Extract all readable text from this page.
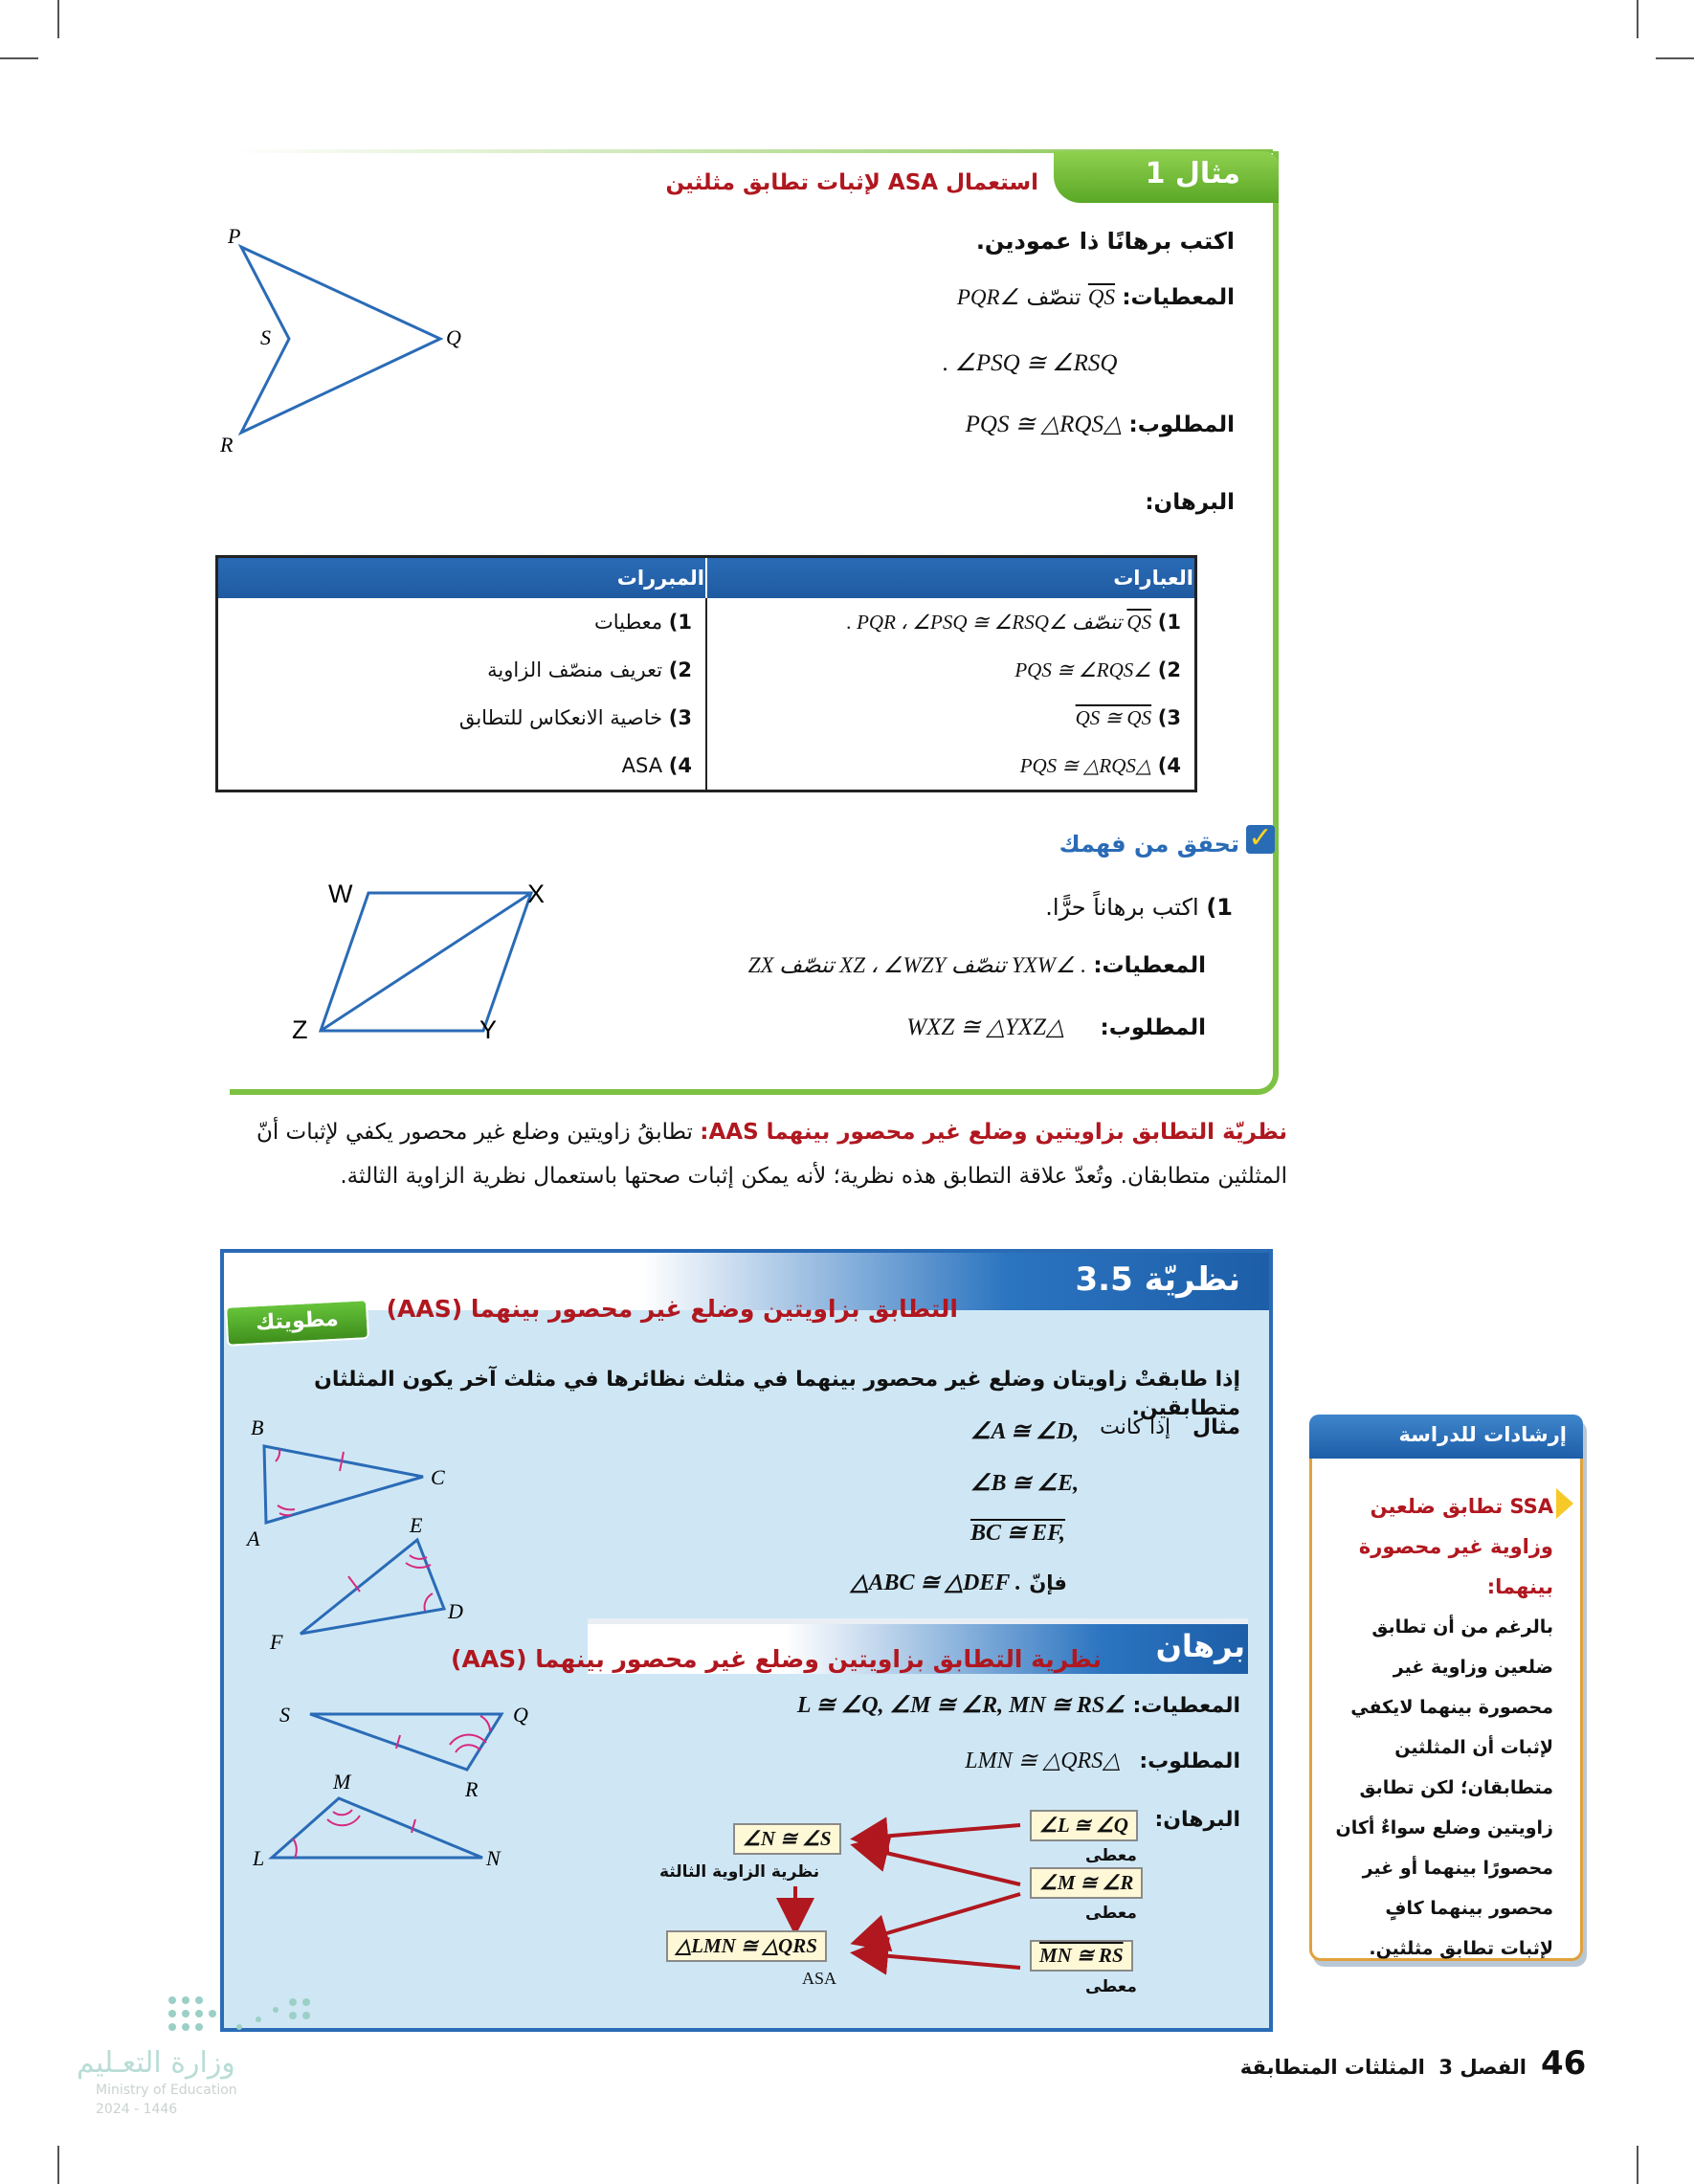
مثال 1
استعمال ASA لإثبات تطابق مثلثين
اكتب برهانًا ذا عمودين.
المعطيات: QS تنصّف ∠PQR
. ∠PSQ ≅ ∠RSQ
المطلوب: △PQS ≅ △RQS
البرهان:
P
S	Q
R
العبارات	المبررات
1) QS تنصّف ∠PQR ، ∠PSQ ≅ ∠RSQ .	1) معطيات
2) ∠PQS ≅ ∠RQS	2) تعريف منصّف الزاوية
3) QS ≅ QS	3) خاصية الانعكاس للتطابق
4) △PQS ≅ △RQS	4) ASA
✓
تحقق من فهمك
1) اكتب برهاناً حرًّا.
المعطيات: . ∠YXW تنصّف XZ ، ∠WZY تنصّف ZX
المطلوب: △WXZ ≅ △YXZ
W	X
Z	Y
نظريّة التطابق بزاويتين وضلع غير محصور بينهما AAS: تطابقُ زاويتين وضلع غير محصور يكفي لإثبات أنّ المثلثين متطابقان. وتُعدّ علاقة التطابق هذه نظرية؛ لأنه يمكن إثبات صحتها باستعمال نظرية الزاوية الثالثة.
نظريّة 3.5
التطابق بزاويتين وضلع غير محصور بينهما (AAS)
أضف إلى
مطويتك
إذا طابقتْ زاويتان وضلع غير محصور بينهما في مثلث نظائرها في مثلث آخر يكون المثلثان متطابقين.
مثال   إذا كانت
∠A ≅ ∠D,
∠B ≅ ∠E,
BC ≅ EF,
△ABC ≅ △DEF . فإنّ
B
C
A
E
D
F	برهان
نظرية التطابق بزاويتين وضلع غير محصور بينهما (AAS)
المعطيات: ∠L ≅ ∠Q, ∠M ≅ ∠R, MN ≅ RS
المطلوب: △LMN ≅ △QRS
البرهان:
S	Q
R
M
L	N
∠L ≅ ∠Q
معطى
∠M ≅ ∠R
معطى
MN ≅ RS
معطى
∠N ≅ ∠S
نظرية الزاوية الثالثة
△LMN ≅ △QRS
ASA
إرشادات للدراسة
SSA تطابق ضلعين وزاوية غير محصورة بينهما:
بالرغم من أن تطابق ضلعين وزاوية غير محصورة بينهما لايكفي لإثبات أن المثلثين متطابقان؛ لكن تطابق زاويتين وضلع سواءٌ أكان محصورًا بينهما أو غير محصور بينهما كافٍ لإثبات تطابق مثلثين.
الفصل 3  المثلثات المتطابقة	46
وزارة التعـليم
Ministry of Education
2024 - 1446
